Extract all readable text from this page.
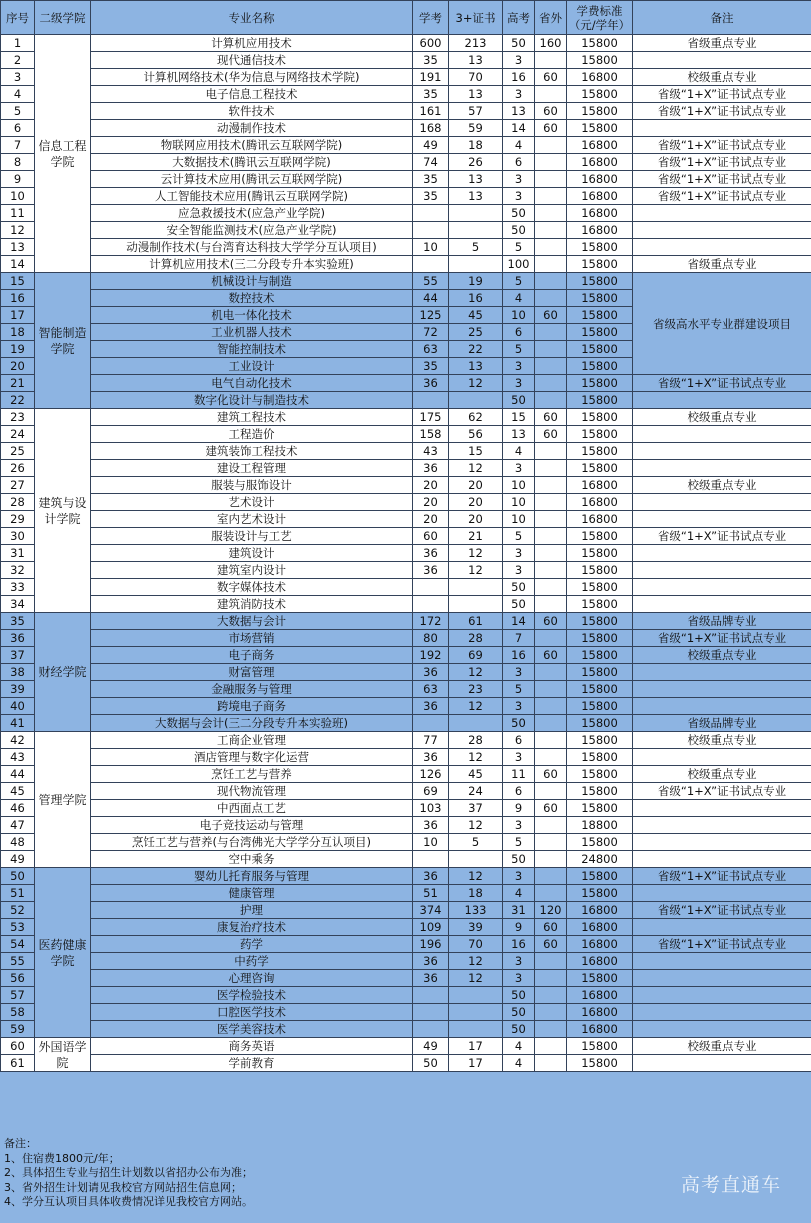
序号	二级学院	专业名称	学考	3+证书	高考	省外	学费标准（元/学年）	备注
1	信息工程学院	计算机应用技术	600	213	50	160	15800	省级重点专业
2		现代通信技术	35	13	3		15800	
3		计算机网络技术(华为信息与网络技术学院)	191	70	16	60	16800	校级重点专业
4		电子信息工程技术	35	13	3		15800	省级“1+X”证书试点专业
5		软件技术	161	57	13	60	15800	省级“1+X”证书试点专业
6		动漫制作技术	168	59	14	60	15800	
7		物联网应用技术(腾讯云互联网学院)	49	18	4		16800	省级“1+X”证书试点专业
8		大数据技术(腾讯云互联网学院)	74	26	6		16800	省级“1+X”证书试点专业
9		云计算技术应用(腾讯云互联网学院)	35	13	3		16800	省级“1+X”证书试点专业
10		人工智能技术应用(腾讯云互联网学院)	35	13	3		16800	省级“1+X”证书试点专业
11		应急救援技术(应急产业学院)			50		16800	
12		安全智能监测技术(应急产业学院)			50		16800	
13		动漫制作技术(与台湾育达科技大学学分互认项目)	10	5	5		15800	
14		计算机应用技术(三二分段专升本实验班)			100		15800	省级重点专业
15	智能制造学院	机械设计与制造	55	19	5		15800	省级高水平专业群建设项目
16		数控技术	44	16	4		15800	
17		机电一体化技术	125	45	10	60	15800	
18		工业机器人技术	72	25	6		15800	
19		智能控制技术	63	22	5		15800	
20		工业设计	35	13	3		15800	
21		电气自动化技术	36	12	3		15800	省级“1+X”证书试点专业
22		数字化设计与制造技术			50		15800	
23	建筑与设计学院	建筑工程技术	175	62	15	60	15800	校级重点专业
24		工程造价	158	56	13	60	15800	
25		建筑装饰工程技术	43	15	4		15800	
26		建设工程管理	36	12	3		15800	
27		服装与服饰设计	20	20	10		16800	校级重点专业
28		艺术设计	20	20	10		16800	
29		室内艺术设计	20	20	10		16800	
30		服装设计与工艺	60	21	5		15800	省级“1+X”证书试点专业
31		建筑设计	36	12	3		15800	
32		建筑室内设计	36	12	3		15800	
33		数字媒体技术			50		15800	
34		建筑消防技术			50		15800	
35	财经学院	大数据与会计	172	61	14	60	15800	省级品牌专业
36		市场营销	80	28	7		15800	省级“1+X”证书试点专业
37		电子商务	192	69	16	60	15800	校级重点专业
38		财富管理	36	12	3		15800	
39		金融服务与管理	63	23	5		15800	
40		跨境电子商务	36	12	3		15800	
41		大数据与会计(三二分段专升本实验班)			50		15800	省级品牌专业
42	管理学院	工商企业管理	77	28	6		15800	校级重点专业
43		酒店管理与数字化运营	36	12	3		15800	
44		烹饪工艺与营养	126	45	11	60	15800	校级重点专业
45		现代物流管理	69	24	6		15800	省级“1+X”证书试点专业
46		中西面点工艺	103	37	9	60	15800	
47		电子竞技运动与管理	36	12	3		18800	
48		烹饪工艺与营养(与台湾佛光大学学分互认项目)	10	5	5		15800	
49		空中乘务			50		24800	
50	医药健康学院	婴幼儿托育服务与管理	36	12	3		15800	省级“1+X”证书试点专业
51		健康管理	51	18	4		15800	
52		护理	374	133	31	120	16800	省级“1+X”证书试点专业
53		康复治疗技术	109	39	9	60	16800	
54		药学	196	70	16	60	16800	省级“1+X”证书试点专业
55		中药学	36	12	3		16800	
56		心理咨询	36	12	3		15800	
57		医学检验技术			50		16800	
58		口腔医学技术			50		16800	
59		医学美容技术			50		16800	
60	外国语学院	商务英语	49	17	4		15800	校级重点专业
61		学前教育	50	17	4		15800	
备注：
1、住宿费1800元/年；
2、具体招生专业与招生计划数以省招办公布为准；
3、省外招生计划请见我校官方网站招生信息网；
4、学分互认项目具体收费情况详见我校官方网站。
高考直通车
